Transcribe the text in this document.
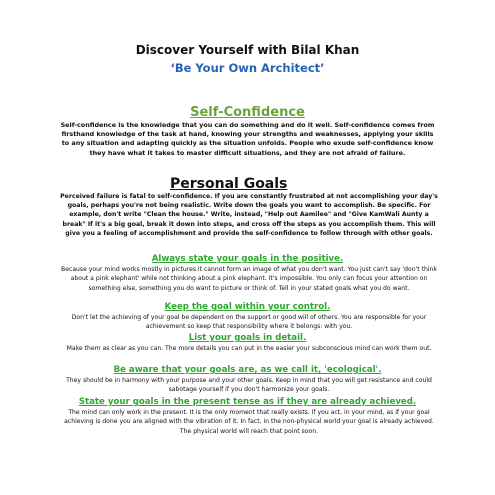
Discover Yourself with Bilal Khan
‘Be Your Own Architect’
Self-Confidence
Self-confidence is the knowledge that you can do something and do it well. Self-confidence comes from firsthand knowledge of the task at hand, knowing your strengths and weaknesses, applying your skills to any situation and adapting quickly as the situation unfolds. People who exude self-confidence know they have what it takes to master difficult situations, and they are not afraid of failure.
Personal Goals
Perceived failure is fatal to self-confidence. If you are constantly frustrated at not accomplishing your day's goals, perhaps you're not being realistic. Write down the goals you want to accomplish. Be specific. For example, don't write "Clean the house." Write, instead, "Help out Aamilee" and "Give KamWali Aunty a break" If it's a big goal, break it down into steps, and cross off the steps as you accomplish them. This will give you a feeling of accomplishment and provide the self-confidence to follow through with other goals.
Always state your goals in the positive.
Because your mind works mostly in pictures it cannot form an image of what you don't want. You just can't say 'don't think about a pink elephant' while not thinking about a pink elephant. It's impossible. You only can focus your attention on something else, something you do want to picture or think of. Tell in your stated goals what you do want.
Keep the goal within your control.
Don't let the achieving of your goal be dependent on the support or good will of others. You are responsible for your achievement so keep that responsibility where it belongs: with you.
List your goals in detail.
Make them as clear as you can. The more details you can put in the easier your subconscious mind can work them out.
Be aware that your goals are, as we call it, 'ecological'.
They should be in harmony with your purpose and your other goals. Keep in mind that you will get resistance and could sabotage yourself if you don't harmonize your goals.
State your goals in the present tense as if they are already achieved.
The mind can only work in the present. It is the only moment that really exists. If you act, in your mind, as if your goal achieving is done you are aligned with the vibration of it. In fact, in the non-physical world your goal is already achieved. The physical world will reach that point soon.
